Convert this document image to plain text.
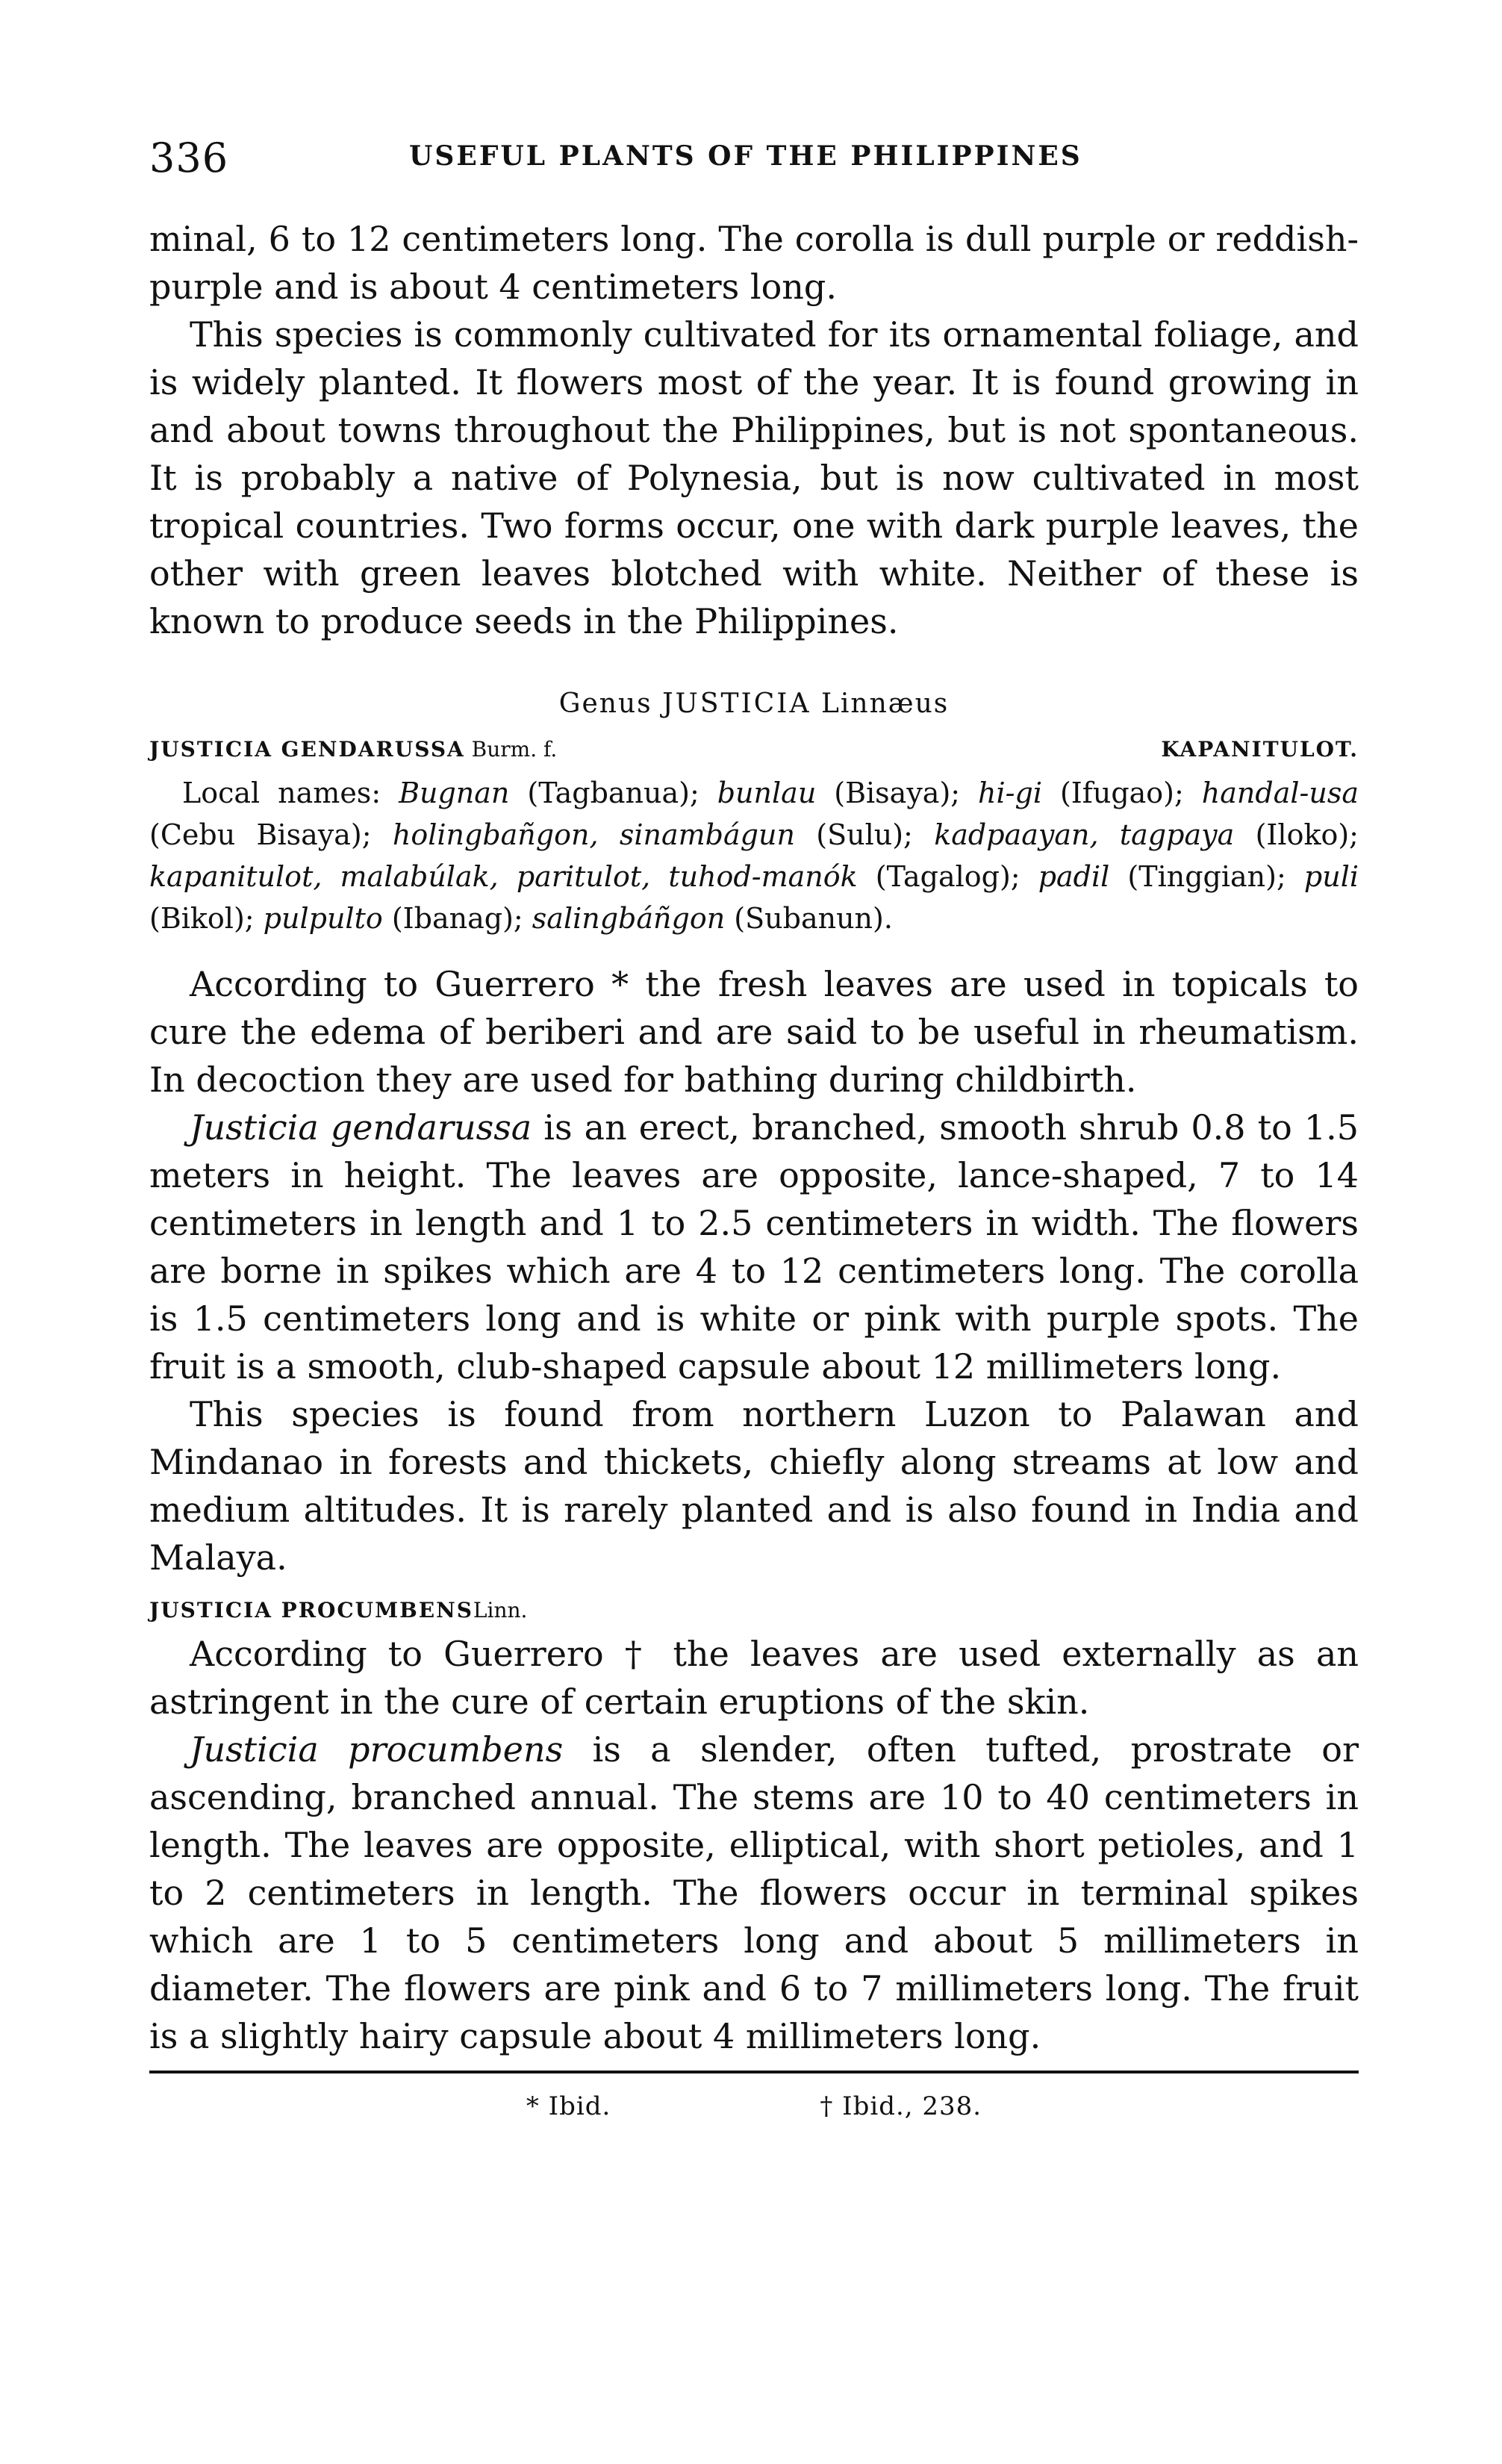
336	USEFUL PLANTS OF THE PHILIPPINES

minal, 6 to 12 centimeters long. The corolla is dull purple or reddish-purple and is about 4 centimeters long.

This species is commonly cultivated for its ornamental foliage, and is widely planted. It flowers most of the year. It is found growing in and about towns throughout the Philippines, but is not spontaneous. It is probably a native of Polynesia, but is now cultivated in most tropical countries. Two forms occur, one with dark purple leaves, the other with green leaves blotched with white. Neither of these is known to produce seeds in the Philippines.

Genus JUSTICIA Linnæus
JUSTICIA GENDARUSSA Burm. f.	KAPANITULOT.

Local names: Bugnan (Tagbanua); bunlau (Bisaya); hi-gi (Ifugao); handal-usa (Cebu Bisaya); holingbañgon, sinambágun (Sulu); kadpaayan, tagpaya (Iloko); kapanitulot, malabúlak, paritulot, tuhod-manók (Tagalog); padil (Tinggian); puli (Bikol); pulpulto (Ibanag); salingbáñgon (Subanun).

According to Guerrero * the fresh leaves are used in topicals to cure the edema of beriberi and are said to be useful in rheumatism. In decoction they are used for bathing during childbirth.

Justicia gendarussa is an erect, branched, smooth shrub 0.8 to 1.5 meters in height. The leaves are opposite, lance-shaped, 7 to 14 centimeters in length and 1 to 2.5 centimeters in width. The flowers are borne in spikes which are 4 to 12 centimeters long. The corolla is 1.5 centimeters long and is white or pink with purple spots. The fruit is a smooth, club-shaped capsule about 12 millimeters long.

This species is found from northern Luzon to Palawan and Mindanao in forests and thickets, chiefly along streams at low and medium altitudes. It is rarely planted and is also found in India and Malaya.

JUSTICIA PROCUMBENS Linn.

According to Guerrero † the leaves are used externally as an astringent in the cure of certain eruptions of the skin.

Justicia procumbens is a slender, often tufted, prostrate or ascending, branched annual. The stems are 10 to 40 centimeters in length. The leaves are opposite, elliptical, with short petioles, and 1 to 2 centimeters in length. The flowers occur in terminal spikes which are 1 to 5 centimeters long and about 5 millimeters in diameter. The flowers are pink and 6 to 7 millimeters long. The fruit is a slightly hairy capsule about 4 millimeters long.

* Ibid.	† Ibid., 238.
